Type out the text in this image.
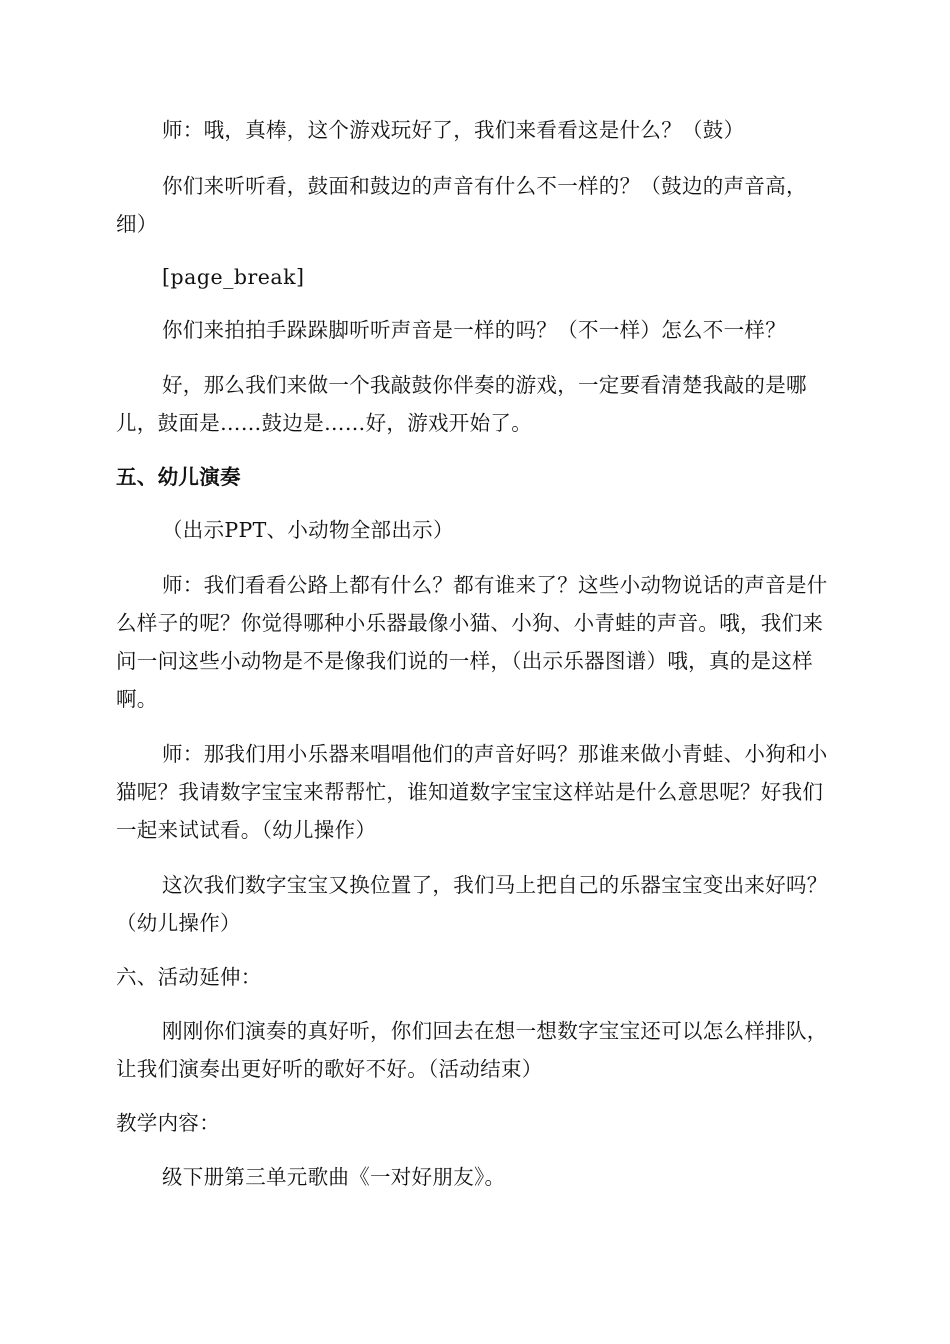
师：哦，真棒，这个游戏玩好了，我们来看看这是什么？（鼓）

你们来听听看，鼓面和鼓边的声音有什么不一样的？（鼓边的声音高，细）

[page_break]

你们来拍拍手跺跺脚听听声音是一样的吗？（不一样）怎么不一样？

好，那么我们来做一个我敲鼓你伴奏的游戏，一定要看清楚我敲的是哪儿，鼓面是……鼓边是……好，游戏开始了。

五、幼儿演奏

（出示PPT、小动物全部出示）

师：我们看看公路上都有什么？都有谁来了？这些小动物说话的声音是什么样子的呢？你觉得哪种小乐器最像小猫、小狗、小青蛙的声音。哦，我们来问一问这些小动物是不是像我们说的一样，（出示乐器图谱）哦，真的是这样啊。

师：那我们用小乐器来唱唱他们的声音好吗？那谁来做小青蛙、小狗和小猫呢？我请数字宝宝来帮帮忙，谁知道数字宝宝这样站是什么意思呢？好我们一起来试试看。（幼儿操作）

这次我们数字宝宝又换位置了，我们马上把自己的乐器宝宝变出来好吗？（幼儿操作）

六、活动延伸：

刚刚你们演奏的真好听，你们回去在想一想数字宝宝还可以怎么样排队，让我们演奏出更好听的歌好不好。（活动结束）

教学内容：

级下册第三单元歌曲《一对好朋友》。
